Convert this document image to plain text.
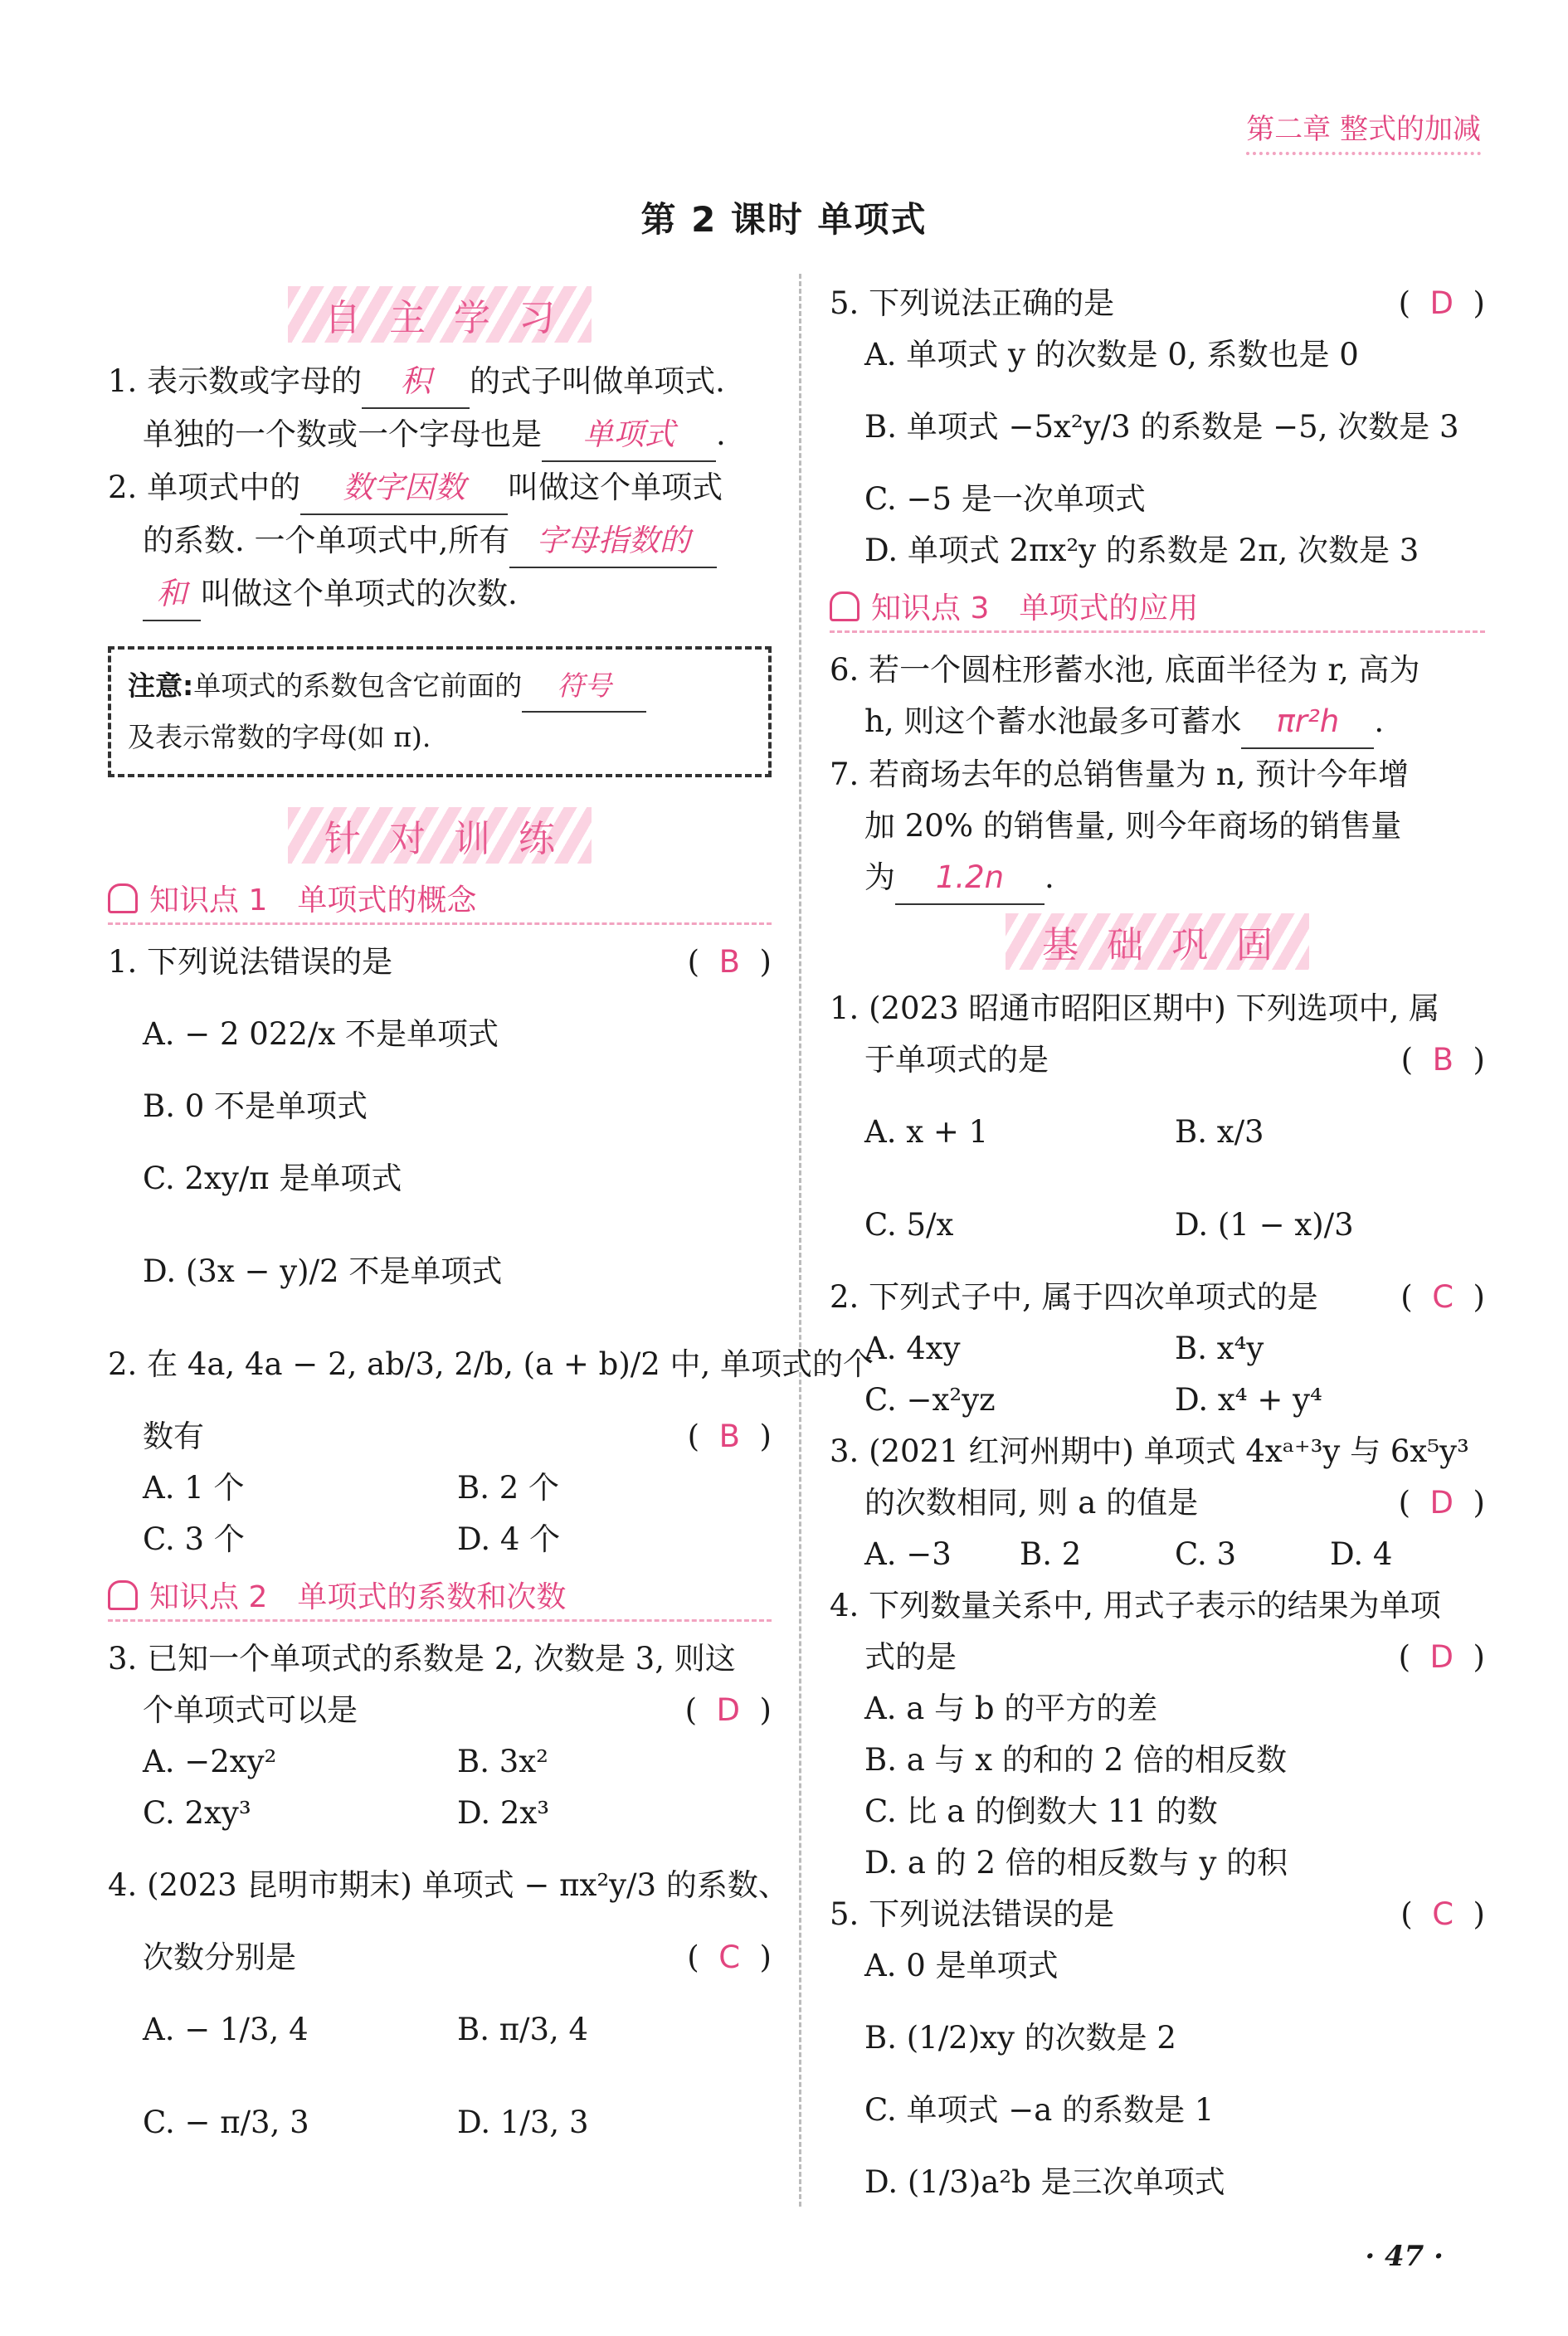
第二章 整式的加减
第 2 课时 单项式
自主学习
1. 表示数或字母的 积 的式子叫做单项式.
单独的一个数或一个字母也是 单项式 .
2. 单项式中的 数字因数 叫做这个单项式
的系数. 一个单项式中,所有 字母指数的
和 叫做这个单项式的次数.
注意:单项式的系数包含它前面的 符号
及表示常数的字母(如 π).
针对训练
知识点 1 单项式的概念
1. 下列说法错误的是	(  B  )
A. − 2 022/x 不是单项式
B. 0 不是单项式
C. 2xy/π 是单项式
D. (3x − y)/2 不是单项式
2. 在 4a, 4a − 2, ab/3, 2/b, (a + b)/2 中, 单项式的个
数有	(  B  )
A. 1 个	B. 2 个
C. 3 个	D. 4 个
知识点 2 单项式的系数和次数
3. 已知一个单项式的系数是 2, 次数是 3, 则这
个单项式可以是	(  D  )
A. −2xy²	B. 3x²
C. 2xy³	D. 2x³
4. (2023 昆明市期末) 单项式 − πx²y/3 的系数、
次数分别是	(  C  )
A. − 1/3, 4	B. π/3, 4
C. − π/3, 3	D. 1/3, 3
5. 下列说法正确的是	(  D  )
A. 单项式 y 的次数是 0, 系数也是 0
B. 单项式 −5x²y/3 的系数是 −5, 次数是 3
C. −5 是一次单项式
D. 单项式 2πx²y 的系数是 2π, 次数是 3
知识点 3 单项式的应用
6. 若一个圆柱形蓄水池, 底面半径为 r, 高为
h, 则这个蓄水池最多可蓄水 πr²h .
7. 若商场去年的总销售量为 n, 预计今年增
加 20% 的销售量, 则今年商场的销售量
为 1.2n .
基础巩固
1. (2023 昭通市昭阳区期中) 下列选项中, 属
于单项式的是	(  B  )
A. x + 1	B. x/3
C. 5/x	D. (1 − x)/3
2. 下列式子中, 属于四次单项式的是	(  C  )
A. 4xy	B. x⁴y
C. −x²yz	D. x⁴ + y⁴
3. (2021 红河州期中) 单项式 4xᵃ⁺³y 与 6x⁵y³
的次数相同, 则 a 的值是	(  D  )
A. −3	B. 2	C. 3	D. 4
4. 下列数量关系中, 用式子表示的结果为单项
式的是	(  D  )
A. a 与 b 的平方的差
B. a 与 x 的和的 2 倍的相反数
C. 比 a 的倒数大 11 的数
D. a 的 2 倍的相反数与 y 的积
5. 下列说法错误的是	(  C  )
A. 0 是单项式
B. (1/2)xy 的次数是 2
C. 单项式 −a 的系数是 1
D. (1/3)a²b 是三次单项式
· 47 ·
